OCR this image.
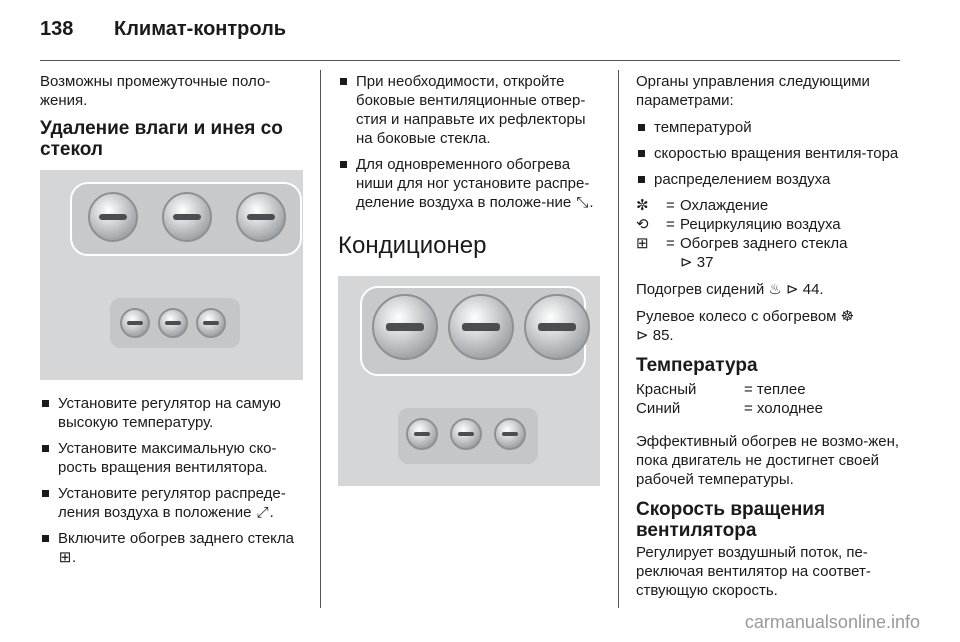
138 Климат-контроль

Возможны промежуточные поло-жения.

Удаление влаги и инея со стекол
Установите регулятор на самую высокую температуру.
Установите максимальную ско-рость вращения вентилятора.
Установите регулятор распреде-ления воздуха в положение ⤢.
Включите обогрев заднего стекла ⊞.
При необходимости, откройте боковые вентиляционные отвер-стия и направьте их рефлекторы на боковые стекла.
Для одновременного обогрева ниши для ног установите распре-деление воздуха в положе-ние ⤡.
Кондиционер

Органы управления следующими параметрами:

температурой
скоростью вращения вентиля-тора
распределением воздуха
✼	= Охлаждение
⟲	= Рециркуляцию воздуха
⊞	= Обогрев заднего стекла

⊳ 37

Подогрев сидений ♨ ⊳ 44.

Рулевое колесо с обогревом ☸
⊳ 85.

Температура
Красный	= теплее
Синий	= холоднее

Эффективный обогрев не возмо-жен, пока двигатель не достигнет своей рабочей температуры.

Скорость вращения вентилятора

Регулирует воздушный поток, пе-реключая вентилятор на соответ-ствующую скорость.

carmanualsonline.info
